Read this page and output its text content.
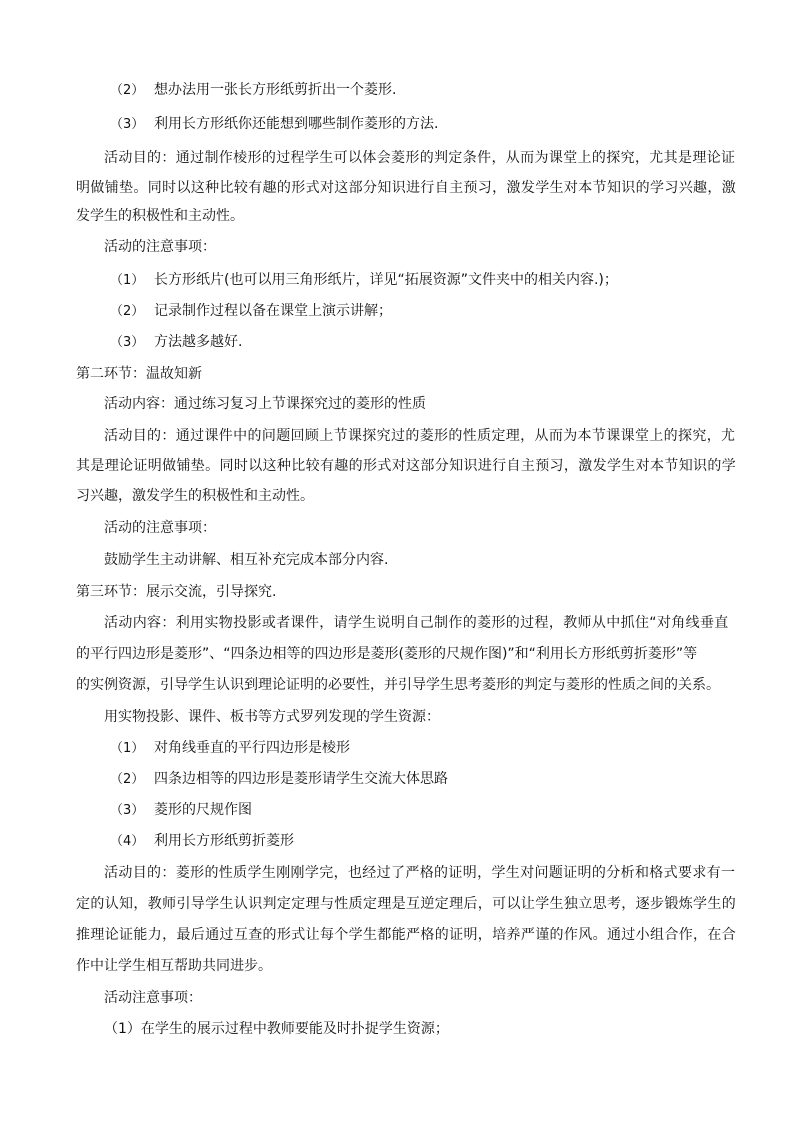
（2） 想办法用一张长方形纸剪折出一个菱形.
（3） 利用长方形纸你还能想到哪些制作菱形的方法.
活动目的：通过制作棱形的过程学生可以体会菱形的判定条件，从而为课堂上的探究，尤其是理论证
明做铺垫。同时以这种比较有趣的形式对这部分知识进行自主预习，激发学生对本节知识的学习兴趣，激
发学生的积极性和主动性。
活动的注意事项：
（1） 长方形纸片(也可以用三角形纸片，详见“拓展资源”文件夹中的相关内容.)；
（2） 记录制作过程以备在课堂上演示讲解；
（3） 方法越多越好.
第二环节：温故知新
活动内容：通过练习复习上节课探究过的菱形的性质
活动目的：通过课件中的问题回顾上节课探究过的菱形的性质定理，从而为本节课课堂上的探究，尤
其是理论证明做铺垫。同时以这种比较有趣的形式对这部分知识进行自主预习，激发学生对本节知识的学
习兴趣，激发学生的积极性和主动性。
活动的注意事项：
鼓励学生主动讲解、相互补充完成本部分内容.
第三环节：展示交流，引导探究.
活动内容：利用实物投影或者课件，请学生说明自己制作的菱形的过程，教师从中抓住“对角线垂直
的平行四边形是菱形”、“四条边相等的四边形是菱形(菱形的尺规作图)”和“利用长方形纸剪折菱形”等
的实例资源，引导学生认识到理论证明的必要性，并引导学生思考菱形的判定与菱形的性质之间的关系。
用实物投影、课件、板书等方式罗列发现的学生资源：
（1） 对角线垂直的平行四边形是棱形
（2） 四条边相等的四边形是菱形请学生交流大体思路
（3） 菱形的尺规作图
（4） 利用长方形纸剪折菱形
活动目的：菱形的性质学生刚刚学完，也经过了严格的证明，学生对问题证明的分析和格式要求有一
定的认知，教师引导学生认识判定定理与性质定理是互逆定理后，可以让学生独立思考，逐步锻炼学生的
推理论证能力，最后通过互查的形式让每个学生都能严格的证明，培养严谨的作风。通过小组合作，在合
作中让学生相互帮助共同进步。
活动注意事项：
（1）在学生的展示过程中教师要能及时扑捉学生资源；
